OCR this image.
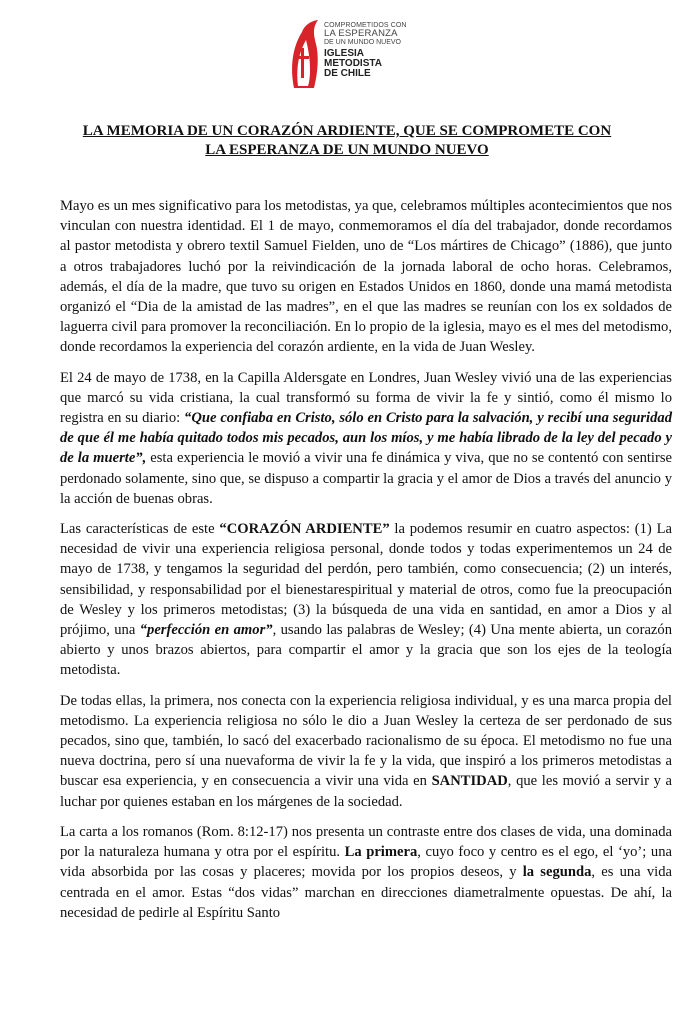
COMPROMETIDOS CON
LA ESPERANZA
DE UN MUNDO NUEVO
IGLESIA METODISTA
DE CHILE
LA MEMORIA DE UN CORAZÓN ARDIENTE, QUE SE COMPROMETE CON
LA ESPERANZA DE UN MUNDO NUEVO

Mayo es un mes significativo para los metodistas, ya que, celebramos múltiples acontecimientos que nos vinculan con nuestra identidad. El 1 de mayo, conmemoramos el día del trabajador, donde recordamos al pastor metodista y obrero textil Samuel Fielden, uno de “Los mártires de Chicago” (1886), que junto a otros trabajadores luchó por la reivindicación de la jornada laboral de ocho horas. Celebramos, además, el día de la madre, que tuvo su origen en Estados Unidos en 1860, donde una mamá metodista organizó el “Dia de la amistad de las madres”, en el que las madres se reunían con los ex soldados de laguerra civil para promover la reconciliación. En lo propio de la iglesia, mayo es el mes del metodismo, donde recordamos la experiencia del corazón ardiente, en la vida de Juan Wesley.

El 24 de mayo de 1738, en la Capilla Aldersgate en Londres, Juan Wesley vivió una de las experiencias que marcó su vida cristiana, la cual transformó su forma de vivir la fe y sintió, como él mismo lo registra en su diario: “Que confiaba en Cristo, sólo en Cristo para la salvación, y recibí una seguridad de que él me había quitado todos mis pecados, aun los míos, y me había librado de la ley del pecado y de la muerte”, esta experiencia le movió a vivir una fe dinámica y viva, que no se contentó con sentirse perdonado solamente, sino que, se dispuso a compartir la gracia y el amor de Dios a través del anuncio y la acción de buenas obras.

Las características de este “CORAZÓN ARDIENTE” la podemos resumir en cuatro aspectos: (1) La necesidad de vivir una experiencia religiosa personal, donde todos y todas experimentemos un 24 de mayo de 1738, y tengamos la seguridad del perdón, pero también, como consecuencia; (2) un interés, sensibilidad, y responsabilidad por el bienestarespiritual y material de otros, como fue la preocupación de Wesley y los primeros metodistas; (3) la búsqueda de una vida en santidad, en amor a Dios y al prójimo, una “perfección en amor”, usando las palabras de Wesley; (4) Una mente abierta, un corazón abierto y unos brazos abiertos, para compartir el amor y la gracia que son los ejes de la teología metodista.

De todas ellas, la primera, nos conecta con la experiencia religiosa individual, y es una marca propia del metodismo. La experiencia religiosa no sólo le dio a Juan Wesley la certeza de ser perdonado de sus pecados, sino que, también, lo sacó del exacerbado racionalismo de su época. El metodismo no fue una nueva doctrina, pero sí una nuevaforma de vivir la fe y la vida, que inspiró a los primeros metodistas a buscar esa experiencia, y en consecuencia a vivir una vida en SANTIDAD, que les movió a servir y a luchar por quienes estaban en los márgenes de la sociedad.

La carta a los romanos (Rom. 8:12-17) nos presenta un contraste entre dos clases de vida, una dominada por la naturaleza humana y otra por el espíritu. La primera, cuyo foco y centro es el ego, el ‘yo’; una vida absorbida por las cosas y placeres; movida por los propios deseos, y la segunda, es una vida centrada en el amor. Estas “dos vidas” marchan en direcciones diametralmente opuestas. De ahí, la necesidad de pedirle al Espíritu Santo
